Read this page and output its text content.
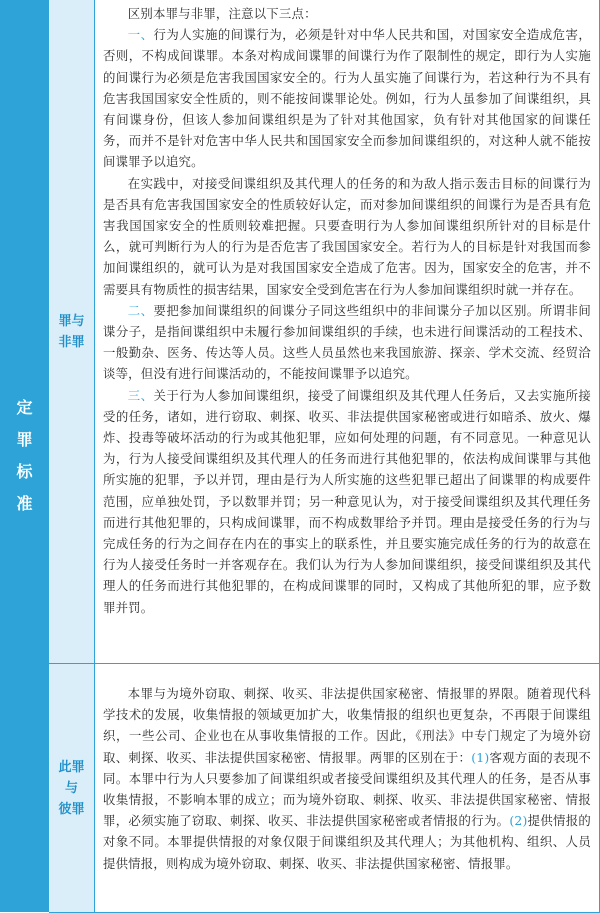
定
罪
标
准
罪与
非罪
此罪
与
彼罪

区别本罪与非罪，注意以下三点：

一、行为人实施的间谍行为，必须是针对中华人民共和国，对国家安全造成危害，否则，不构成间谍罪。本条对构成间谍罪的间谍行为作了限制性的规定，即行为人实施的间谍行为必须是危害我国国家安全的。行为人虽实施了间谍行为，若这种行为不具有危害我国国家安全性质的，则不能按间谍罪论处。例如，行为人虽参加了间谍组织，具有间谍身份，但该人参加间谍组织是为了针对其他国家，负有针对其他国家的间谍任务，而并不是针对危害中华人民共和国国家安全而参加间谍组织的，对这种人就不能按间谍罪予以追究。

在实践中，对接受间谍组织及其代理人的任务的和为敌人指示轰击目标的间谍行为是否具有危害我国国家安全的性质较好认定，而对参加间谍组织的间谍行为是否具有危害我国国家安全的性质则较难把握。只要查明行为人参加间谍组织所针对的目标是什么，就可判断行为人的行为是否危害了我国国家安全。若行为人的目标是针对我国而参加间谍组织的，就可认为是对我国国家安全造成了危害。因为，国家安全的危害，并不需要具有物质性的损害结果，国家安全受到危害在行为人参加间谍组织时就一并存在。

二、要把参加间谍组织的间谍分子同这些组织中的非间谍分子加以区别。所谓非间谍分子，是指间谍组织中未履行参加间谍组织的手续，也未进行间谍活动的工程技术、一般勤杂、医务、传达等人员。这些人员虽然也来我国旅游、探亲、学术交流、经贸洽谈等，但没有进行间谍活动的，不能按间谍罪予以追究。

三、关于行为人参加间谍组织，接受了间谍组织及其代理人任务后，又去实施所接受的任务，诸如，进行窃取、刺探、收买、非法提供国家秘密或进行如暗杀、放火、爆炸、投毒等破坏活动的行为或其他犯罪，应如何处理的问题，有不同意见。一种意见认为，行为人接受间谍组织及其代理人的任务而进行其他犯罪的，依法构成间谍罪与其他所实施的犯罪，予以并罚，理由是行为人所实施的这些犯罪已超出了间谍罪的构成要件范围，应单独处罚，予以数罪并罚；另一种意见认为，对于接受间谍组织及其代理任务而进行其他犯罪的，只构成间谍罪，而不构成数罪给予并罚。理由是接受任务的行为与完成任务的行为之间存在内在的事实上的联系性，并且要实施完成任务的行为的故意在行为人接受任务时一并客观存在。我们认为行为人参加间谍组织，接受间谍组织及其代理人的任务而进行其他犯罪的，在构成间谍罪的同时，又构成了其他所犯的罪，应予数罪并罚。

本罪与为境外窃取、刺探、收买、非法提供国家秘密、情报罪的界限。随着现代科学技术的发展，收集情报的领域更加扩大，收集情报的组织也更复杂，不再限于间谍组织，一些公司、企业也在从事收集情报的工作。因此，《刑法》中专门规定了为境外窃取、刺探、收买、非法提供国家秘密、情报罪。两罪的区别在于：(1)客观方面的表现不同。本罪中行为人只要参加了间谍组织或者接受间谍组织及其代理人的任务，是否从事收集情报，不影响本罪的成立；而为境外窃取、刺探、收买、非法提供国家秘密、情报罪，必须实施了窃取、刺探、收买、非法提供国家秘密或者情报的行为。(2)提供情报的对象不同。本罪提供情报的对象仅限于间谍组织及其代理人；为其他机构、组织、人员提供情报，则构成为境外窃取、刺探、收买、非法提供国家秘密、情报罪。
